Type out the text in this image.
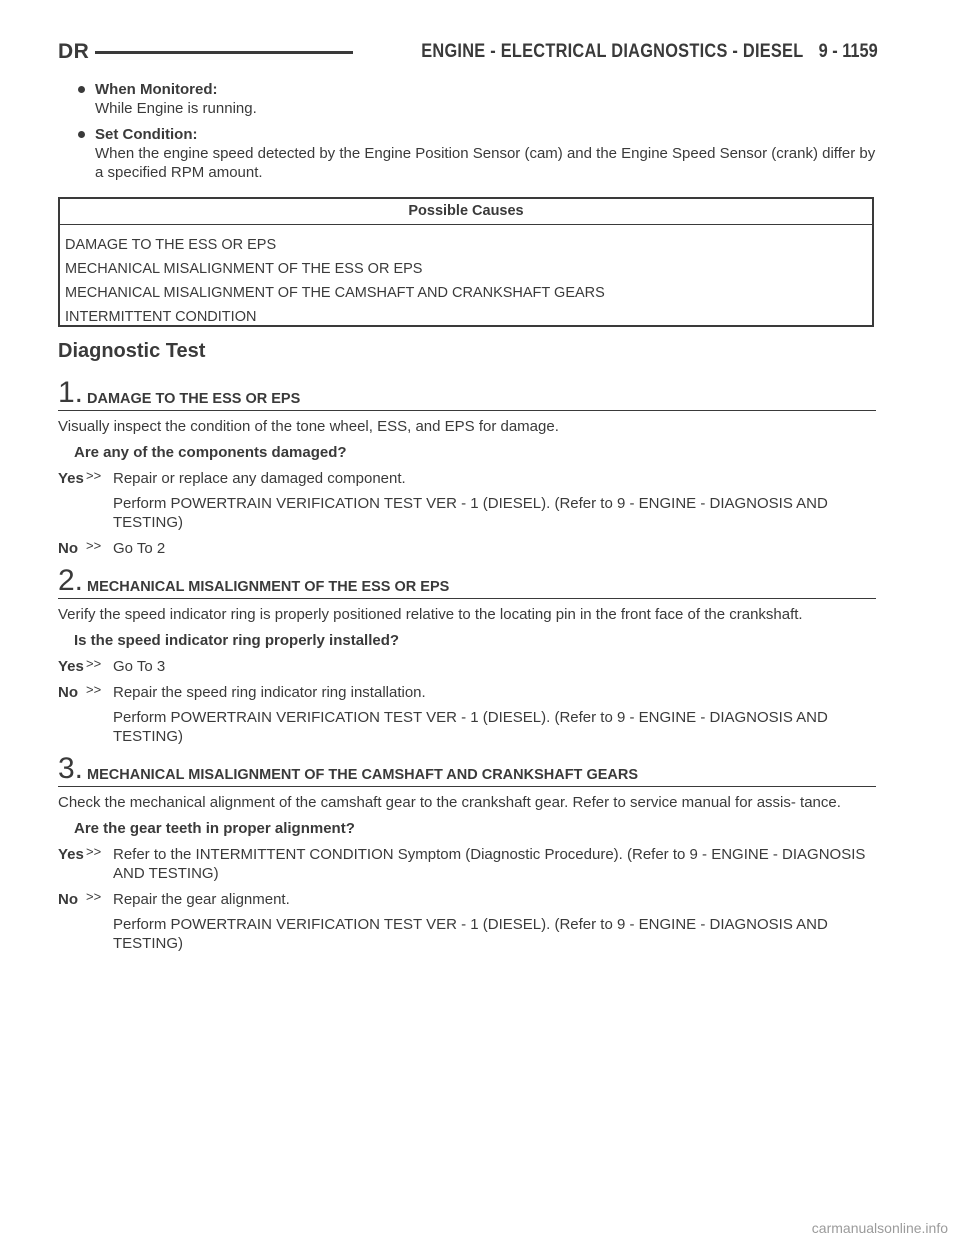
DR	ENGINE - ELECTRICAL DIAGNOSTICS - DIESEL 9 - 1159
When Monitored:
While Engine is running.
Set Condition:
When the engine speed detected by the Engine Position Sensor (cam) and the Engine Speed Sensor (crank) differ by a specified RPM amount.
Possible Causes
DAMAGE TO THE ESS OR EPS
MECHANICAL MISALIGNMENT OF THE ESS OR EPS
MECHANICAL MISALIGNMENT OF THE CAMSHAFT AND CRANKSHAFT GEARS
INTERMITTENT CONDITION
Diagnostic Test
1. DAMAGE TO THE ESS OR EPS
Visually inspect the condition of the tone wheel, ESS, and EPS for damage.
Are any of the components damaged?
Yes >> Repair or replace any damaged component.
Perform POWERTRAIN VERIFICATION TEST VER - 1 (DIESEL). (Refer to 9 - ENGINE - DIAGNOSIS AND TESTING)
No >> Go To 2
2. MECHANICAL MISALIGNMENT OF THE ESS OR EPS
Verify the speed indicator ring is properly positioned relative to the locating pin in the front face of the crankshaft.
Is the speed indicator ring properly installed?
Yes >> Go To 3
No >> Repair the speed ring indicator ring installation.
Perform POWERTRAIN VERIFICATION TEST VER - 1 (DIESEL). (Refer to 9 - ENGINE - DIAGNOSIS AND TESTING)
3. MECHANICAL MISALIGNMENT OF THE CAMSHAFT AND CRANKSHAFT GEARS
Check the mechanical alignment of the camshaft gear to the crankshaft gear. Refer to service manual for assis- tance.
Are the gear teeth in proper alignment?
Yes >> Refer to the INTERMITTENT CONDITION Symptom (Diagnostic Procedure). (Refer to 9 - ENGINE - DIAGNOSIS AND TESTING)
No >> Repair the gear alignment.
Perform POWERTRAIN VERIFICATION TEST VER - 1 (DIESEL). (Refer to 9 - ENGINE - DIAGNOSIS AND TESTING)
carmanualsonline.info
